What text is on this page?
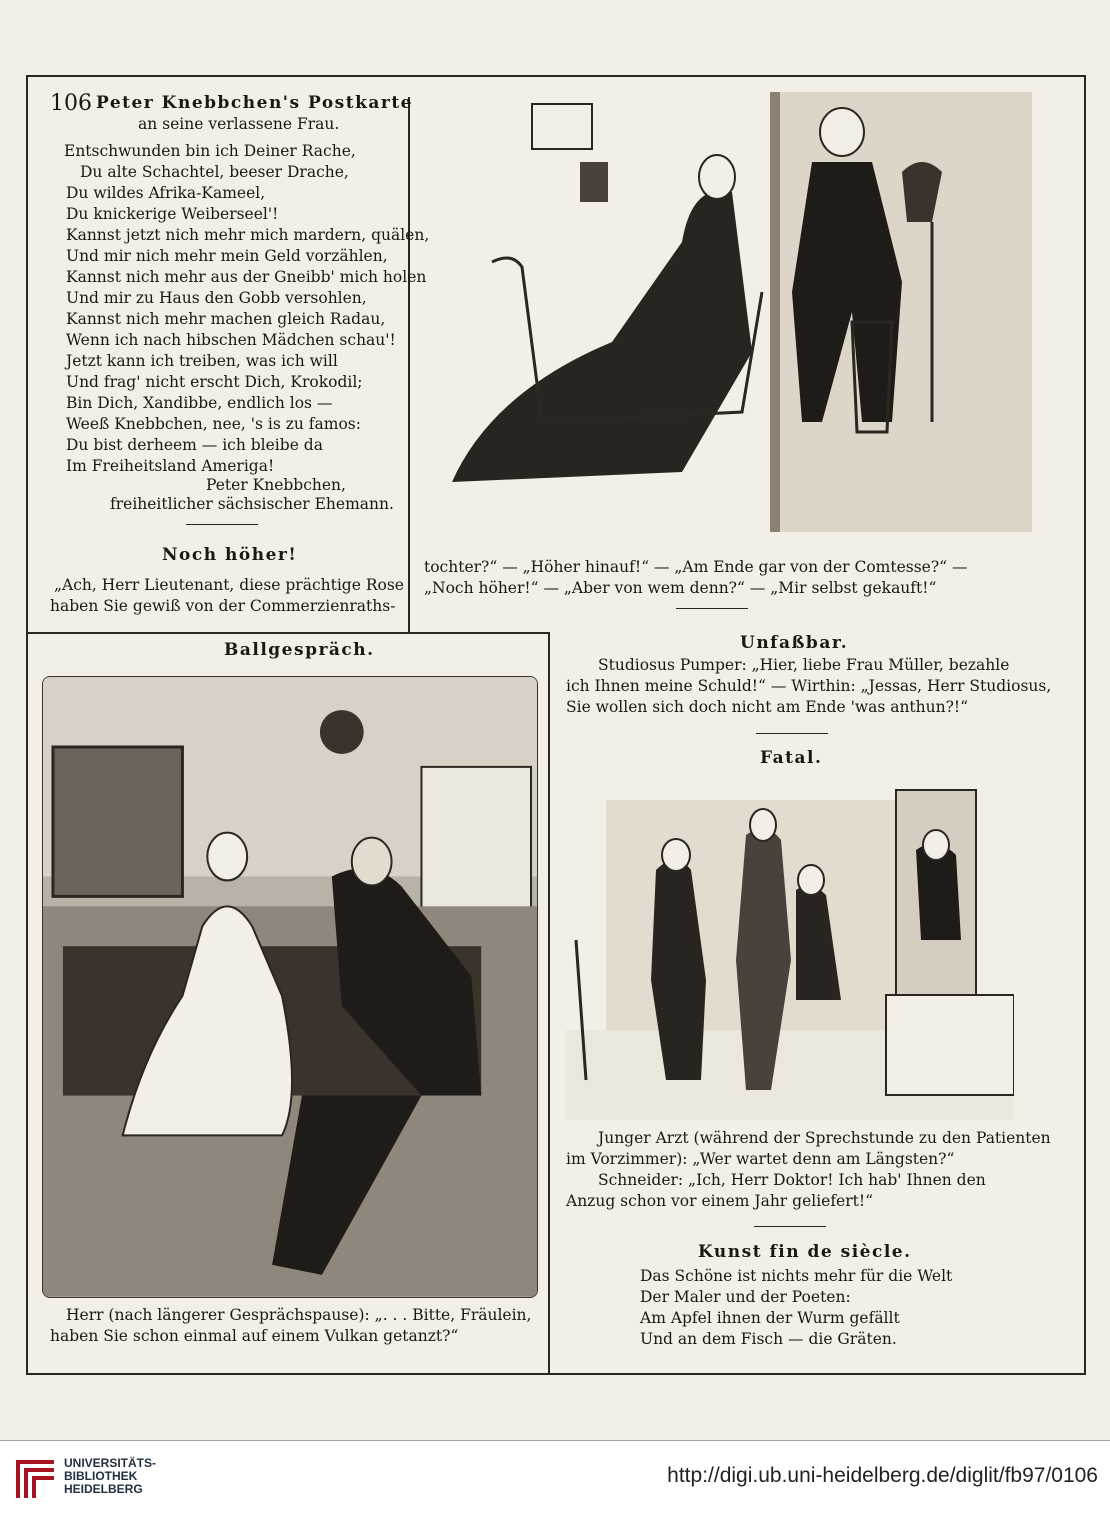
106 Peter Knebbchen's Postkarte
an seine verlassene Frau.
Entschwunden bin ich Deiner Rache,
Du alte Schachtel, beeser Drache,
Du wildes Afrika-Kameel,
Du knickerige Weiberseel'!
Kannst jetzt nich mehr mich mardern, quälen,
Und mir nich mehr mein Geld vorzählen,
Kannst nich mehr aus der Gneibb' mich holen
Und mir zu Haus den Gobb versohlen,
Kannst nich mehr machen gleich Radau,
Wenn ich nach hibschen Mädchen schau'!
Jetzt kann ich treiben, was ich will
Und frag' nicht erscht Dich, Krokodil;
Bin Dich, Xandibbe, endlich los —
Weeß Knebbchen, nee, 's is zu famos:
Du bist derheem — ich bleibe da
Im Freiheitsland Ameriga!
Peter Knebbchen,
freiheitlicher sächsischer Ehemann.
Noch höher!
„Ach, Herr Lieutenant, diese prächtige Rose
haben Sie gewiß von der Commerzienraths-
tochter?“ — „Höher hinauf!“ — „Am Ende gar von der Comtesse?“ —
„Noch höher!“ — „Aber von wem denn?“ — „Mir selbst gekauft!“
Ballgespräch.
Herr (nach längerer Gesprächspause): „. . . Bitte, Fräulein,
haben Sie schon einmal auf einem Vulkan getanzt?“
Unfaßbar.
Studiosus Pumper: „Hier, liebe Frau Müller, bezahle
ich Ihnen meine Schuld!“ — Wirthin: „Jessas, Herr Studiosus,
Sie wollen sich doch nicht am Ende 'was anthun?!“
Fatal.
Junger Arzt (während der Sprechstunde zu den Patienten
im Vorzimmer): „Wer wartet denn am Längsten?“
Schneider: „Ich, Herr Doktor! Ich hab' Ihnen den
Anzug schon vor einem Jahr geliefert!“
Kunst fin de siècle.
Das Schöne ist nichts mehr für die Welt
Der Maler und der Poeten:
Am Apfel ihnen der Wurm gefällt
Und an dem Fisch — die Gräten.
UNIVERSITÄTS-
BIBLIOTHEK
HEIDELBERG
http://digi.ub.uni-heidelberg.de/diglit/fb97/0106
